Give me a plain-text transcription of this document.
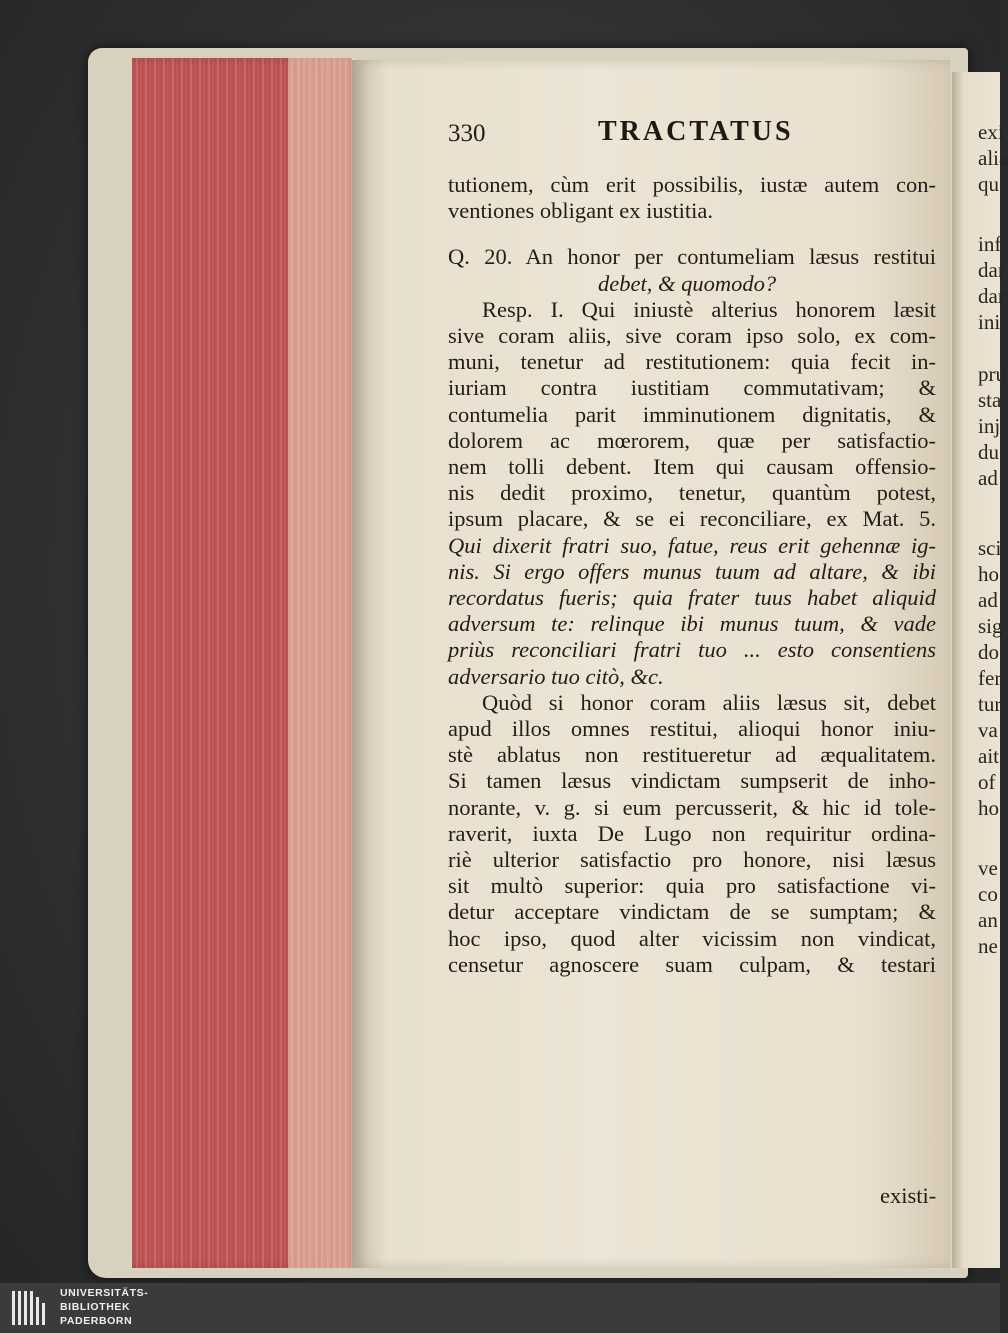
exi
alia
qu
inf
dar
dar
ini
pru
sta
inj
du
ad
sci
ho
ad
sig
do
fer
tur
va
ait
of
ho
ve
co
an
ne
330	TRACTATUS
existi-
tutionem, cùm erit possibilis, iustæ autem con-
ventiones obligant ex iustitia.
Q. 20. An honor per contumeliam læsus restitui
debet, & quomodo?
Resp. I. Qui iniustè alterius honorem læsit
sive coram aliis, sive coram ipso solo, ex com-
muni, tenetur ad restitutionem: quia fecit in-
iuriam contra iustitiam commutativam; &
contumelia parit imminutionem dignitatis, &
dolorem ac mœrorem, quæ per satisfactio-
nem tolli debent. Item qui causam offensio-
nis dedit proximo, tenetur, quantùm potest,
ipsum placare, & se ei reconciliare, ex Mat. 5.
Qui dixerit fratri suo, fatue, reus erit gehennæ ig-
nis. Si ergo offers munus tuum ad altare, & ibi
recordatus fueris; quia frater tuus habet aliquid
adversum te: relinque ibi munus tuum, & vade
priùs reconciliari fratri tuo ... esto consentiens
adversario tuo citò, &c.
Quòd si honor coram aliis læsus sit, debet
apud illos omnes restitui, alioqui honor iniu-
stè ablatus non restitueretur ad æqualitatem.
Si tamen læsus vindictam sumpserit de inho-
norante, v. g. si eum percusserit, & hic id tole-
raverit, iuxta De Lugo non requiritur ordina-
riè ulterior satisfactio pro honore, nisi læsus
sit multò superior: quia pro satisfactione vi-
detur acceptare vindictam de se sumptam; &
hoc ipso, quod alter vicissim non vindicat,
censetur agnoscere suam culpam, & testari
UNIVERSITÄTS-
BIBLIOTHEK
PADERBORN
